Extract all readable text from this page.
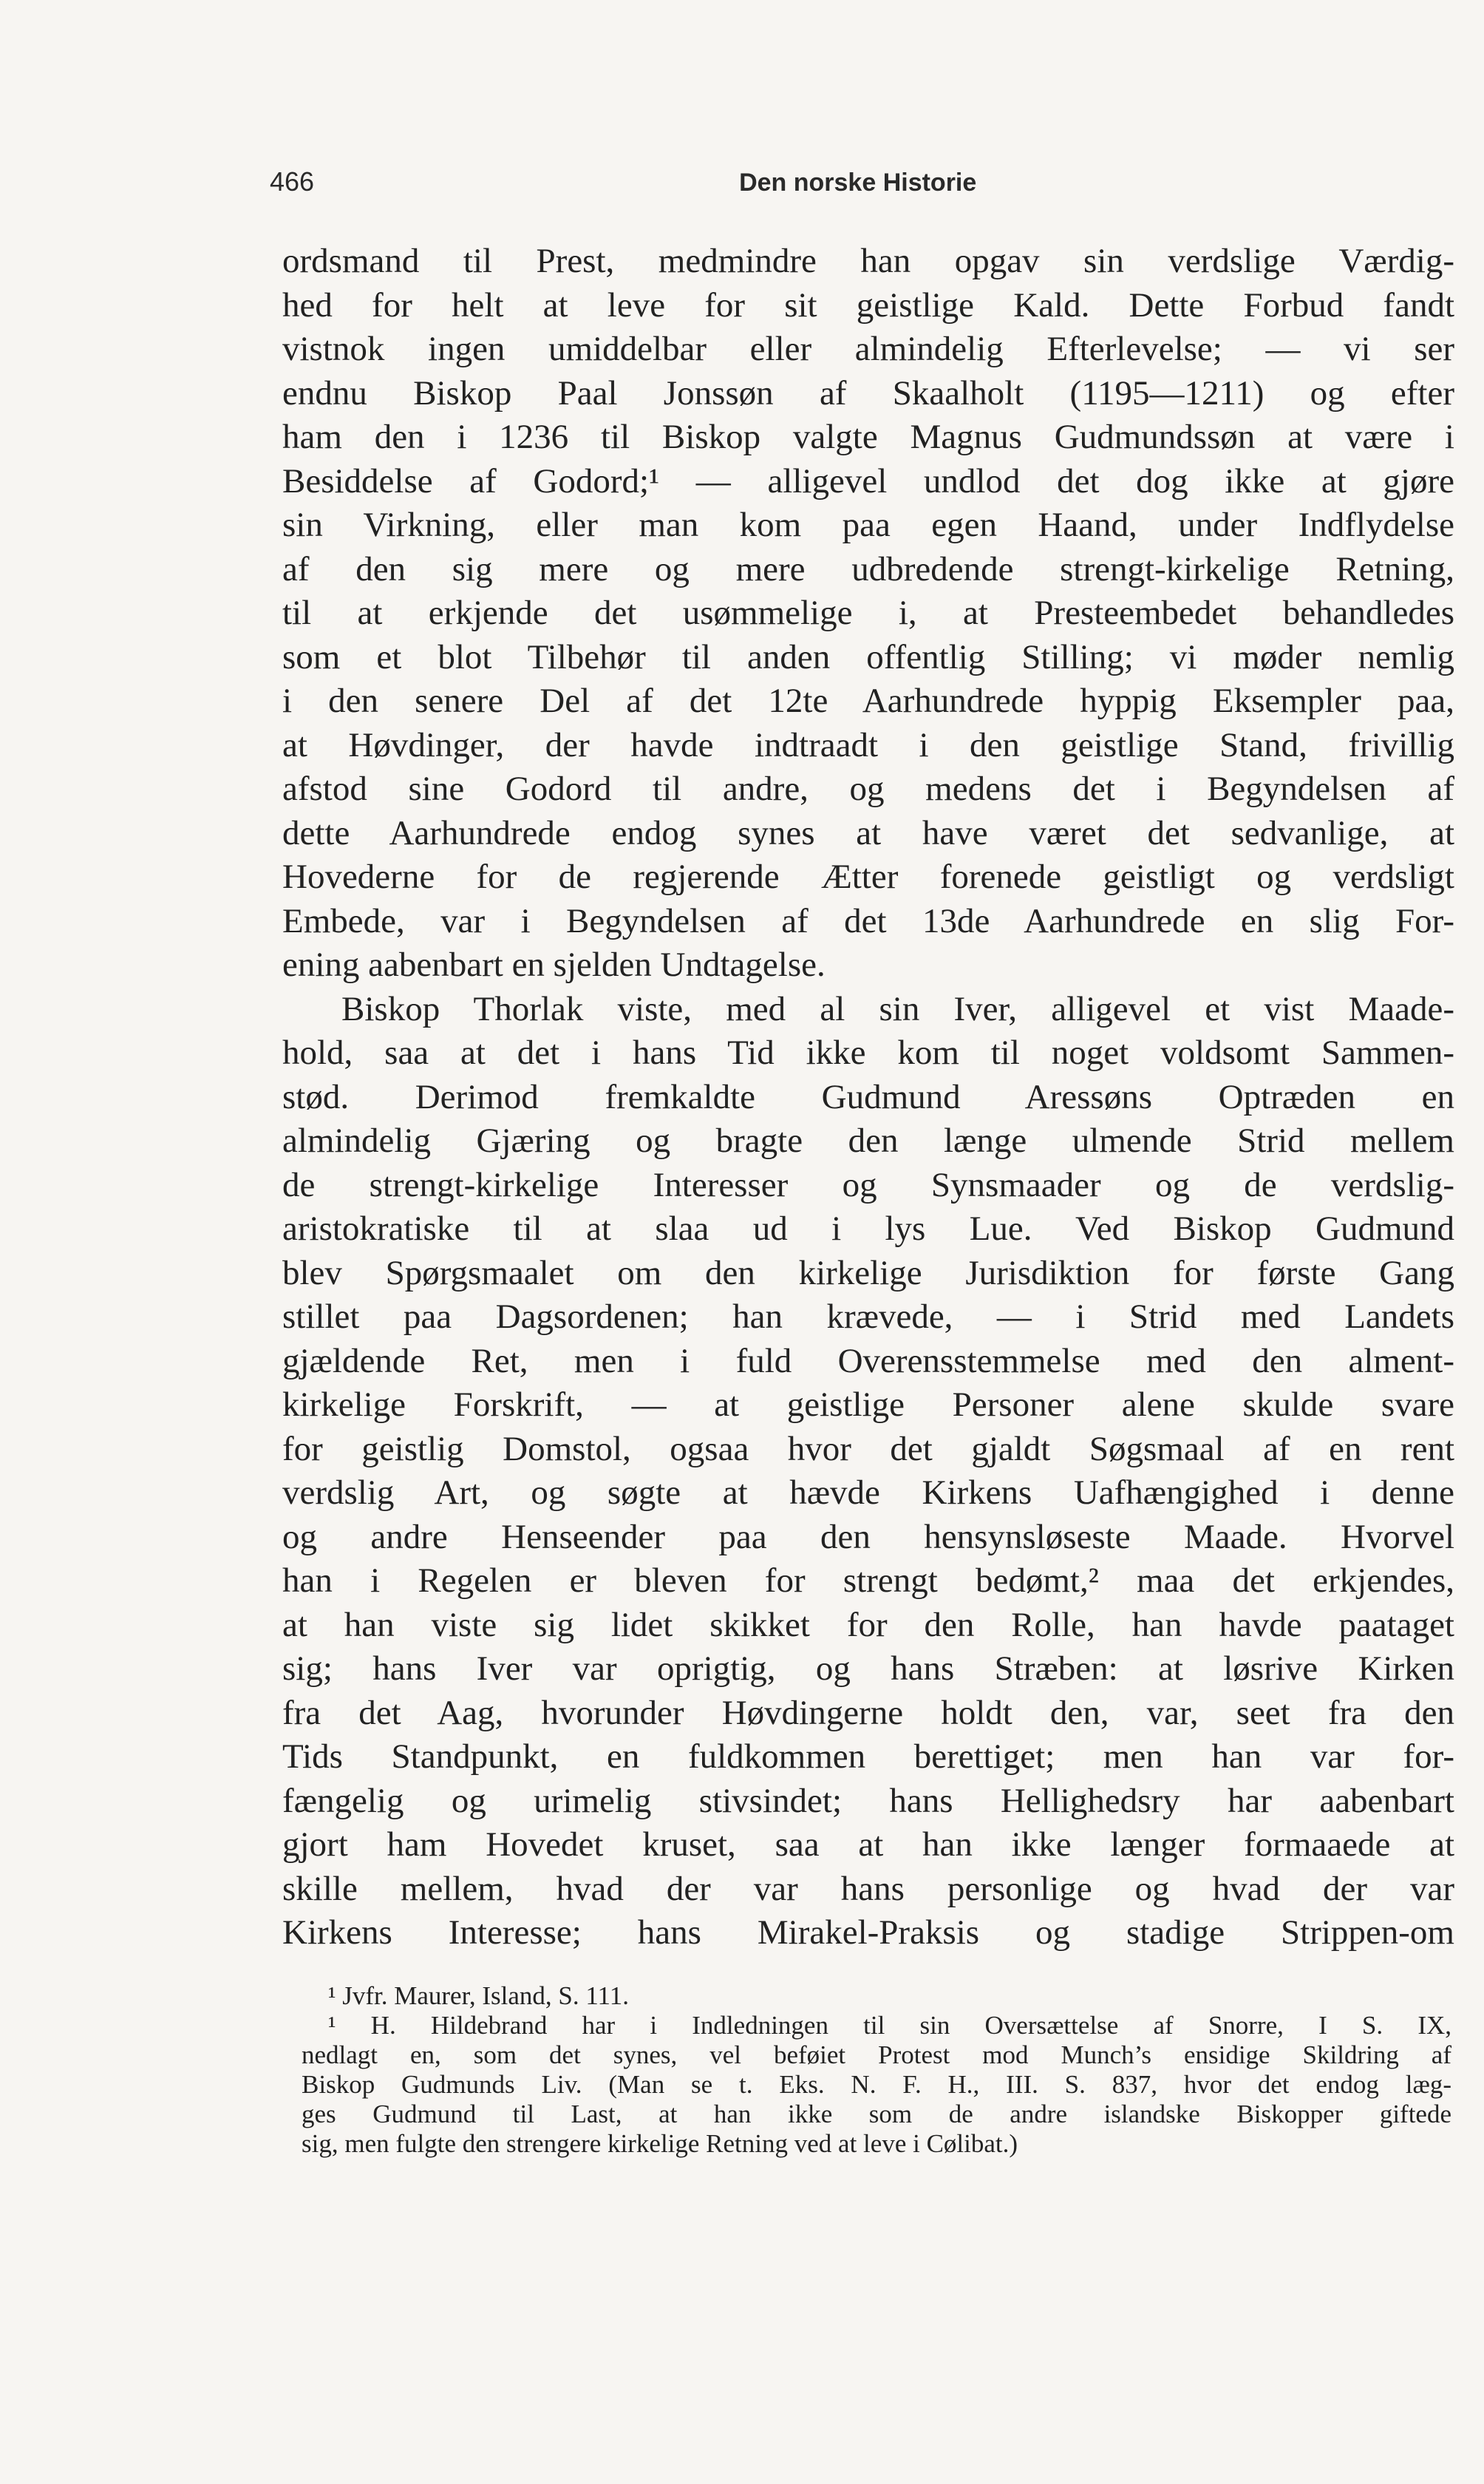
466	Den norske Historie
ordsmand til Prest, medmindre han opgav sin verdslige Værdig-
hed for helt at leve for sit geistlige Kald. Dette Forbud fandt
vistnok ingen umiddelbar eller almindelig Efterlevelse; — vi ser
endnu Biskop Paal Jonssøn af Skaalholt (1195—1211) og efter
ham den i 1236 til Biskop valgte Magnus Gudmundssøn at være i
Besiddelse af Godord;¹ — alligevel undlod det dog ikke at gjøre
sin Virkning, eller man kom paa egen Haand, under Indflydelse
af den sig mere og mere udbredende strengt-kirkelige Retning,
til at erkjende det usømmelige i, at Presteembedet behandledes
som et blot Tilbehør til anden offentlig Stilling; vi møder nemlig
i den senere Del af det 12te Aarhundrede hyppig Eksempler paa,
at Høvdinger, der havde indtraadt i den geistlige Stand, frivillig
afstod sine Godord til andre, og medens det i Begyndelsen af
dette Aarhundrede endog synes at have været det sedvanlige, at
Hovederne for de regjerende Ætter forenede geistligt og verdsligt
Embede, var i Begyndelsen af det 13de Aarhundrede en slig For-
ening aabenbart en sjelden Undtagelse.
Biskop Thorlak viste, med al sin Iver, alligevel et vist Maade-
hold, saa at det i hans Tid ikke kom til noget voldsomt Sammen-
stød. Derimod fremkaldte Gudmund Aressøns Optræden en
almindelig Gjæring og bragte den længe ulmende Strid mellem
de strengt-kirkelige Interesser og Synsmaader og de verdslig-
aristokratiske til at slaa ud i lys Lue. Ved Biskop Gudmund
blev Spørgsmaalet om den kirkelige Jurisdiktion for første Gang
stillet paa Dagsordenen; han krævede, — i Strid med Landets
gjældende Ret, men i fuld Overensstemmelse med den alment-
kirkelige Forskrift, — at geistlige Personer alene skulde svare
for geistlig Domstol, ogsaa hvor det gjaldt Søgsmaal af en rent
verdslig Art, og søgte at hævde Kirkens Uafhængighed i denne
og andre Henseender paa den hensynsløseste Maade. Hvorvel
han i Regelen er bleven for strengt bedømt,² maa det erkjendes,
at han viste sig lidet skikket for den Rolle, han havde paataget
sig; hans Iver var oprigtig, og hans Stræben: at løsrive Kirken
fra det Aag, hvorunder Høvdingerne holdt den, var, seet fra den
Tids Standpunkt, en fuldkommen berettiget; men han var for-
fængelig og urimelig stivsindet; hans Hellighedsry har aabenbart
gjort ham Hovedet kruset, saa at han ikke længer formaaede at
skille mellem, hvad der var hans personlige og hvad der var
Kirkens Interesse; hans Mirakel-Praksis og stadige Strippen-om
¹ Jvfr. Maurer, Island, S. 111.
¹ H. Hildebrand har i Indledningen til sin Oversættelse af Snorre, I S. IX,
nedlagt en, som det synes, vel beføiet Protest mod Munch’s ensidige Skildring af
Biskop Gudmunds Liv. (Man se t. Eks. N. F. H., III. S. 837, hvor det endog læg-
ges Gudmund til Last, at han ikke som de andre islandske Biskopper giftede
sig, men fulgte den strengere kirkelige Retning ved at leve i Cølibat.)
